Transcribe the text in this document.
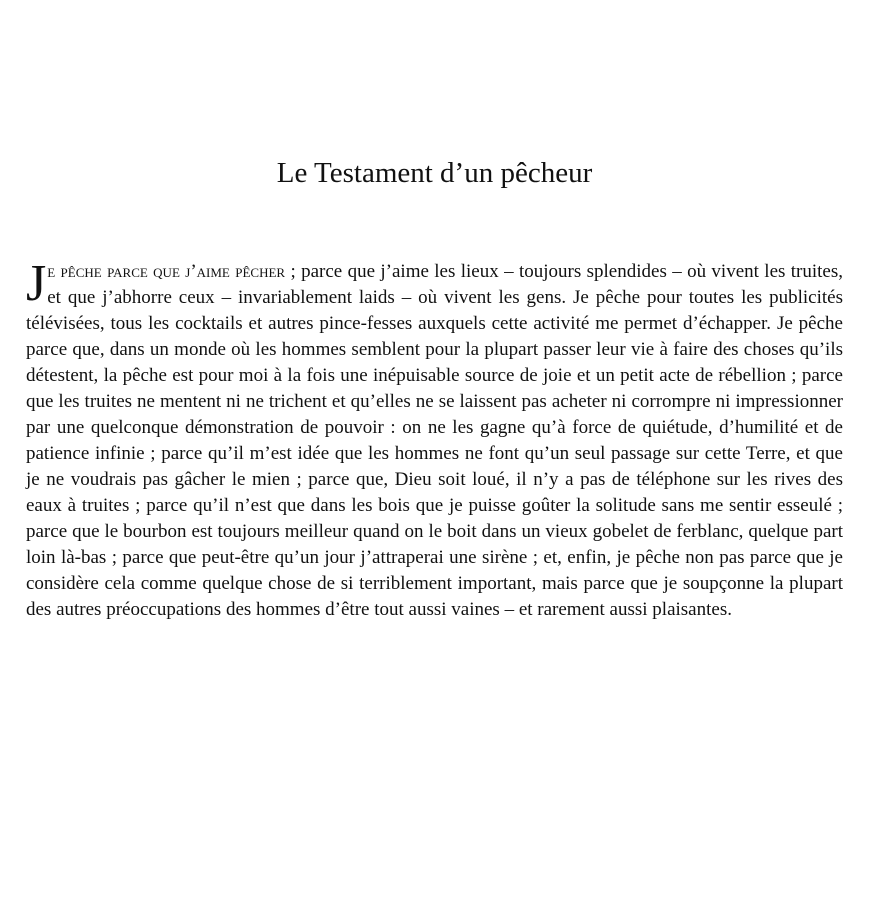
Le Testament d’un pêcheur

Je pêche parce que j’aime pêcher ; parce que j’aime les lieux – toujours splendides – où vivent les truites, et que j’abhorre ceux – invariablement laids – où vivent les gens. Je pêche pour toutes les publicités télévisées, tous les cocktails et autres pince-fesses auxquels cette activité me permet d’échapper. Je pêche parce que, dans un monde où les hommes semblent pour la plupart passer leur vie à faire des choses qu’ils détestent, la pêche est pour moi à la fois une inépuisable source de joie et un petit acte de rébellion ; parce que les truites ne mentent ni ne trichent et qu’elles ne se laissent pas acheter ni corrompre ni impressionner par une quelconque démonstration de pouvoir : on ne les gagne qu’à force de quiétude, d’humilité et de patience infinie ; parce qu’il m’est idée que les hommes ne font qu’un seul passage sur cette Terre, et que je ne voudrais pas gâcher le mien ; parce que, Dieu soit loué, il n’y a pas de téléphone sur les rives des eaux à truites ; parce qu’il n’est que dans les bois que je puisse goûter la solitude sans me sentir esseulé ; parce que le bourbon est toujours meilleur quand on le boit dans un vieux gobelet de ferblanc, quelque part loin là-bas ; parce que peut-être qu’un jour j’attraperai une sirène ; et, enfin, je pêche non pas parce que je considère cela comme quelque chose de si terriblement important, mais parce que je soupçonne la plupart des autres préoccupations des hommes d’être tout aussi vaines – et rarement aussi plaisantes.
